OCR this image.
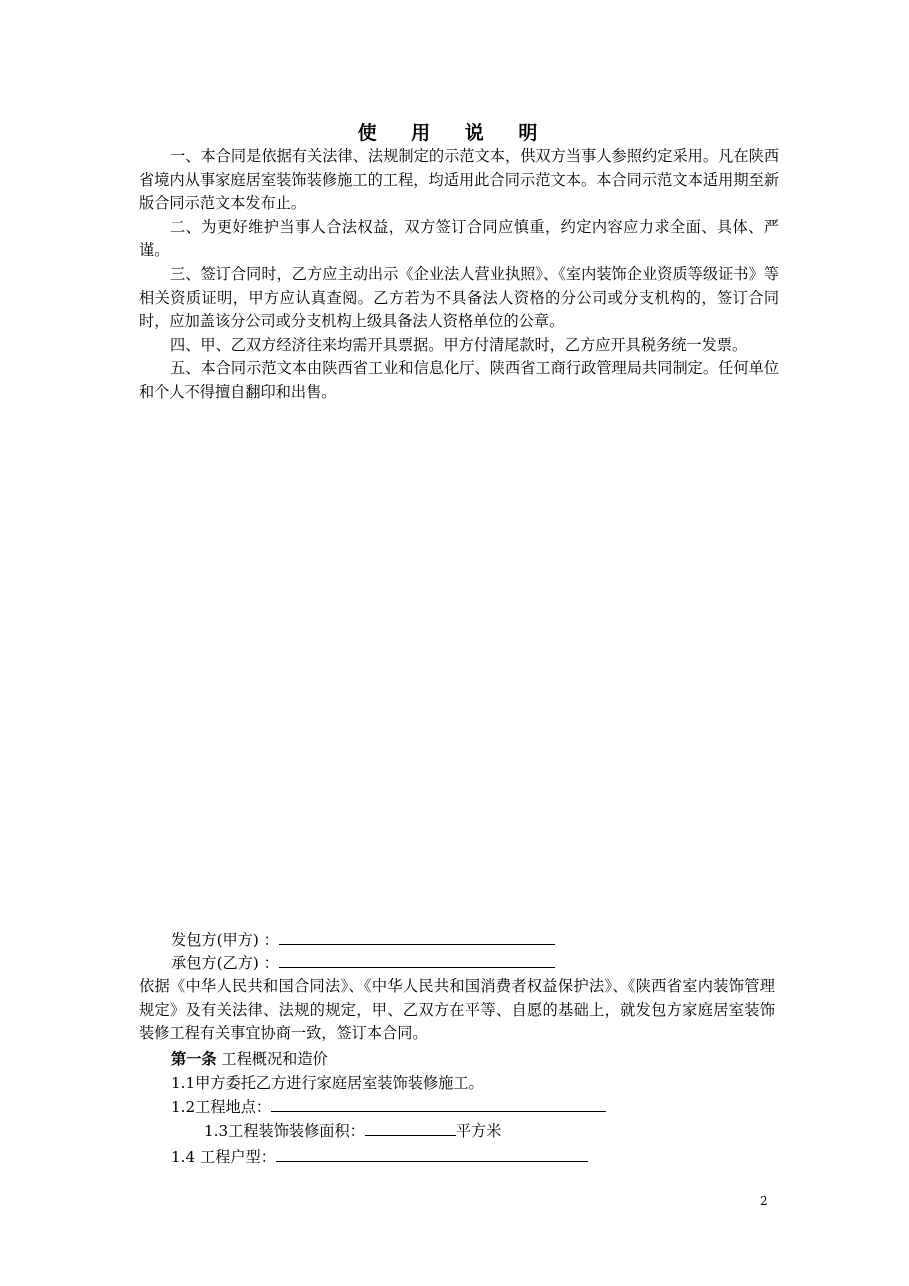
使 用 说 明

一、本合同是依据有关法律、法规制定的示范文本，供双方当事人参照约定采用。凡在陕西省境内从事家庭居室装饰装修施工的工程，均适用此合同示范文本。本合同示范文本适用期至新版合同示范文本发布止。

二、为更好维护当事人合法权益，双方签订合同应慎重，约定内容应力求全面、具体、严谨。

三、签订合同时，乙方应主动出示《企业法人营业执照》、《室内装饰企业资质等级证书》等相关资质证明，甲方应认真查阅。乙方若为不具备法人资格的分公司或分支机构的，签订合同时，应加盖该分公司或分支机构上级具备法人资格单位的公章。

四、甲、乙双方经济往来均需开具票据。甲方付清尾款时，乙方应开具税务统一发票。

五、本合同示范文本由陕西省工业和信息化厅、陕西省工商行政管理局共同制定。任何单位和个人不得擅自翻印和出售。

发包方(甲方) ：
承包方(乙方) ：

依据《中华人民共和国合同法》、《中华人民共和国消费者权益保护法》、《陕西省室内装饰管理规定》及有关法律、法规的规定，甲、乙双方在平等、自愿的基础上，就发包方家庭居室装饰装修工程有关事宜协商一致，签订本合同。

第一条 工程概况和造价
1.1甲方委托乙方进行家庭居室装饰装修施工。
1.2工程地点：
1.3工程装饰装修面积：	平方米
1.4 工程户型：
2
